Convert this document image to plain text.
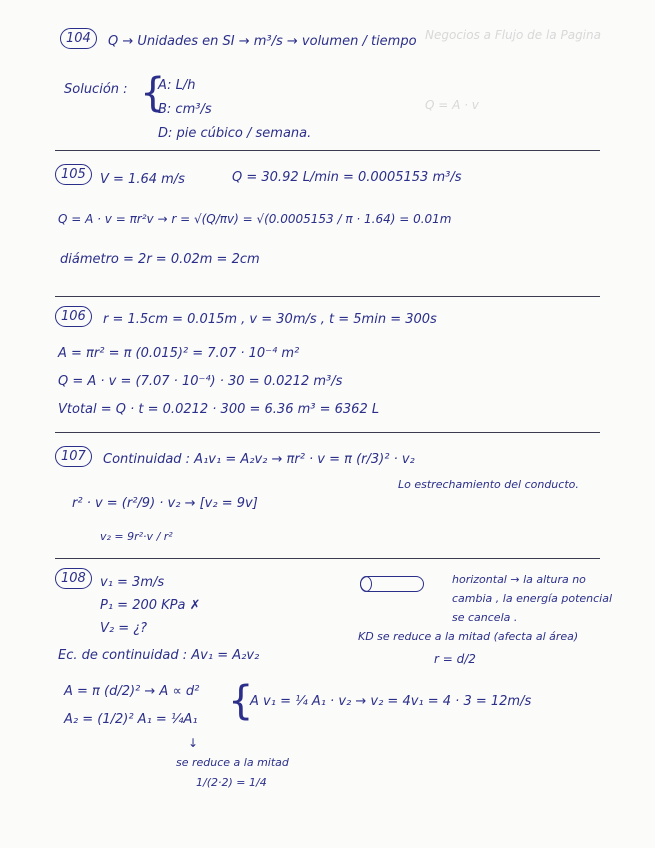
Negocios a Flujo de la Pagina
Q = A · v
104	Q → Unidades en SI → m³/s → volumen / tiempo
Solución : {
A: L/h
B: cm³/s
D: pie cúbico / semana.
105	V = 1.64 m/s	Q = 30.92 L/min = 0.0005153 m³/s
Q = A · v = πr²v → r = √(Q/πv) = √(0.0005153 / π · 1.64) = 0.01m
diámetro = 2r = 0.02m = 2cm
106	r = 1.5cm = 0.015m , v = 30m/s , t = 5min = 300s
A = πr² = π (0.015)² = 7.07 · 10⁻⁴ m²
Q = A · v = (7.07 · 10⁻⁴) · 30 = 0.0212 m³/s
Vtotal = Q · t = 0.0212 · 300 = 6.36 m³ = 6362 L
107	Continuidad : A₁v₁ = A₂v₂ → πr² · v = π (r/3)² · v₂
Lo estrechamiento del conducto.
r² · v = (r²/9) · v₂ → [v₂ = 9v]
v₂ = 9r²·v / r²
108	v₁ = 3m/s
P₁ = 200 KPa ✗
V₂ = ¿?
horizontal → la altura no
cambia , la energía potencial
se cancela .
KD se reduce a la mitad (afecta al área)
r = d/2
Ec. de continuidad : Av₁ = A₂v₂
A = π (d/2)² → A ∝ d²
A₂ = (1/2)² A₁ = ¼A₁ {
A v₁ = ¼ A₁ · v₂ → v₂ = 4v₁ = 4 · 3 = 12m/s
↓
se reduce a la mitad
1/(2·2) = 1/4
